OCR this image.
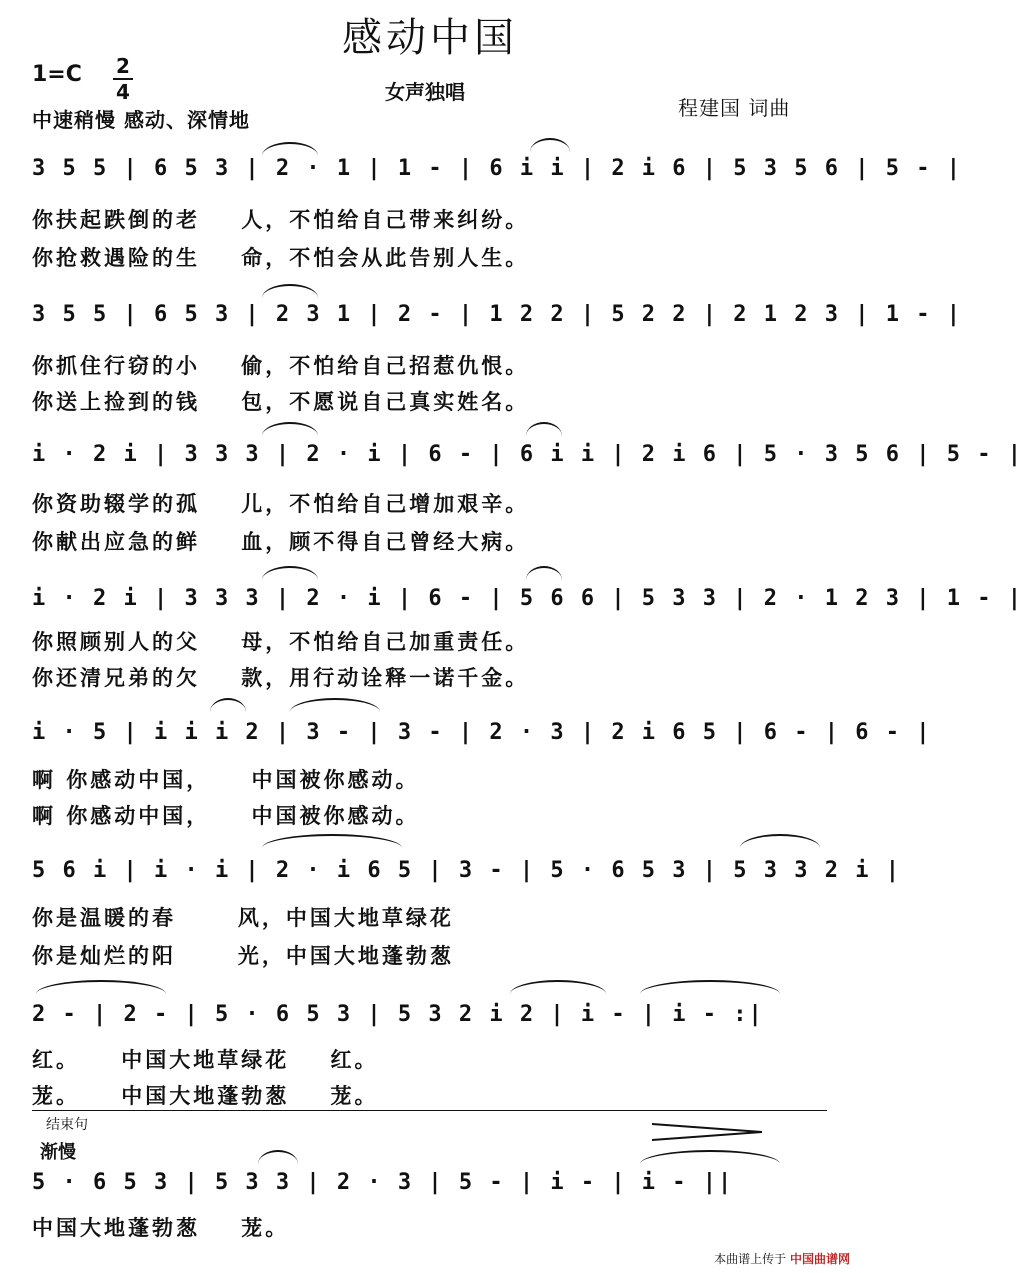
感动中国
1=C	2
4	女声独唱
中速稍慢 感动、深情地	程建国 词曲
3 5 5 | 6 5 3 | 2 · 1 | 1 - | 6 i i | 2 i 6 | 5 3 5 6 | 5 - |
你扶起跌倒的老    人，不怕给自己带来纠纷。
你抢救遇险的生    命，不怕会从此告别人生。
3 5 5 | 6 5 3 | 2 3 1 | 2 - | 1 2 2 | 5 2 2 | 2 1 2 3 | 1 - |
你抓住行窃的小    偷，不怕给自己招惹仇恨。
你送上捡到的钱    包，不愿说自己真实姓名。
i · 2 i | 3 3 3 | 2 · i | 6 - | 6 i i | 2 i 6 | 5 · 3 5 6 | 5 - |
你资助辍学的孤    儿，不怕给自己增加艰辛。
你献出应急的鲜    血，顾不得自己曾经大病。
i · 2 i | 3 3 3 | 2 · i | 6 - | 5 6 6 | 5 3 3 | 2 · 1 2 3 | 1 - |
你照顾别人的父    母，不怕给自己加重责任。
你还清兄弟的欠    款，用行动诠释一诺千金。
i · 5 | i i i 2 | 3 - | 3 - | 2 · 3 | 2 i 6 5 | 6 - | 6 - |
啊 你感动中国，    中国被你感动。
啊 你感动中国，    中国被你感动。
5 6 i | i · i | 2 · i 6 5 | 3 - | 5 · 6 5 3 | 5 3 3 2 i |
你是温暖的春      风，中国大地草绿花
你是灿烂的阳      光，中国大地蓬勃葱
2 - | 2 - | 5 · 6 5 3 | 5 3 2 i 2 | i - | i - :|
红。    中国大地草绿花    红。
茏。    中国大地蓬勃葱    茏。
结束句
渐慢
5 · 6 5 3 | 5 3 3 | 2 · 3 | 5 - | i - | i - ||
中国大地蓬勃葱    茏。
本曲谱上传于 中国曲谱网
